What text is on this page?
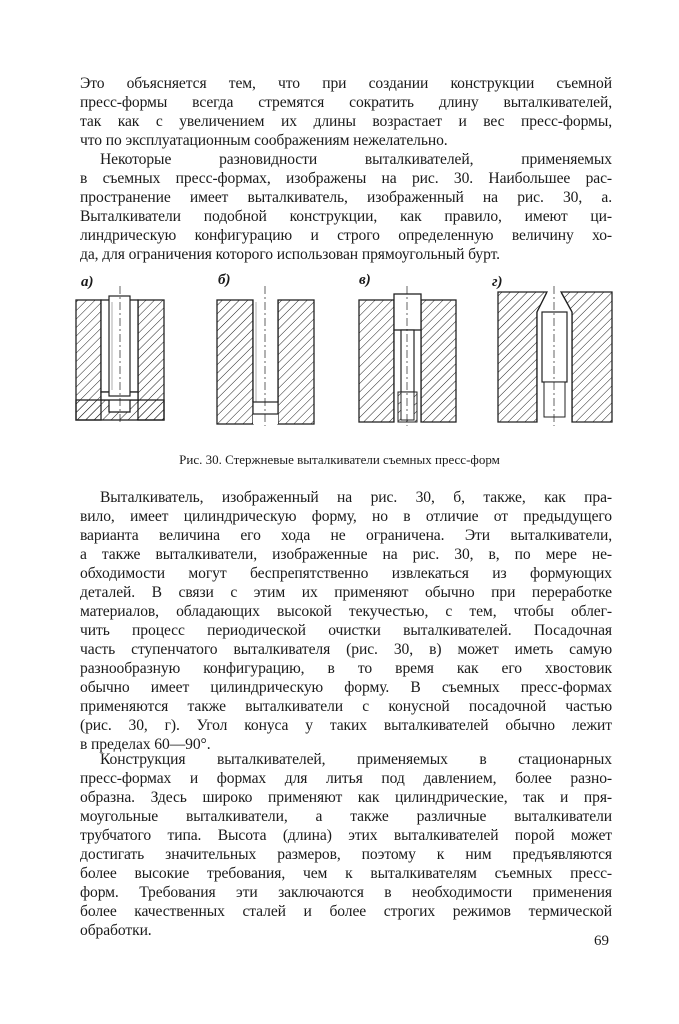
Это объясняется тем, что при создании конструкции съемной
пресс-формы всегда стремятся сократить длину выталкивателей,
так как с увеличением их длины возрастает и вес пресс-формы,
что по эксплуатационным соображениям нежелательно.
Некоторые разновидности выталкивателей, применяемых
в съемных пресс-формах, изображены на рис. 30. Наибольшее рас-
пространение имеет выталкиватель, изображенный на рис. 30, а.
Выталкиватели подобной конструкции, как правило, имеют ци-
линдрическую конфигурацию и строго определенную величину хо-
да, для ограничения которого использован прямоугольный бурт.
а)	б)	в)	г)
Рис. 30. Стержневые выталкиватели съемных пресс-форм
Выталкиватель, изображенный на рис. 30, б, также, как пра-
вило, имеет цилиндрическую форму, но в отличие от предыдущего
варианта величина его хода не ограничена. Эти выталкиватели,
а также выталкиватели, изображенные на рис. 30, в, по мере не-
обходимости могут беспрепятственно извлекаться из формующих
деталей. В связи с этим их применяют обычно при переработке
материалов, обладающих высокой текучестью, с тем, чтобы облег-
чить процесс периодической очистки выталкивателей. Посадочная
часть ступенчатого выталкивателя (рис. 30, в) может иметь самую
разнообразную конфигурацию, в то время как его хвостовик
обычно имеет цилиндрическую форму. В съемных пресс-формах
применяются также выталкиватели с конусной посадочной частью
(рис. 30, г). Угол конуса у таких выталкивателей обычно лежит
в пределах 60—90°.
Конструкция выталкивателей, применяемых в стационарных
пресс-формах и формах для литья под давлением, более разно-
образна. Здесь широко применяют как цилиндрические, так и пря-
моугольные выталкиватели, а также различные выталкиватели
трубчатого типа. Высота (длина) этих выталкивателей порой может
достигать значительных размеров, поэтому к ним предъявляются
более высокие требования, чем к выталкивателям съемных пресс-
форм. Требования эти заключаются в необходимости применения
более качественных сталей и более строгих режимов термической
обработки.
69
